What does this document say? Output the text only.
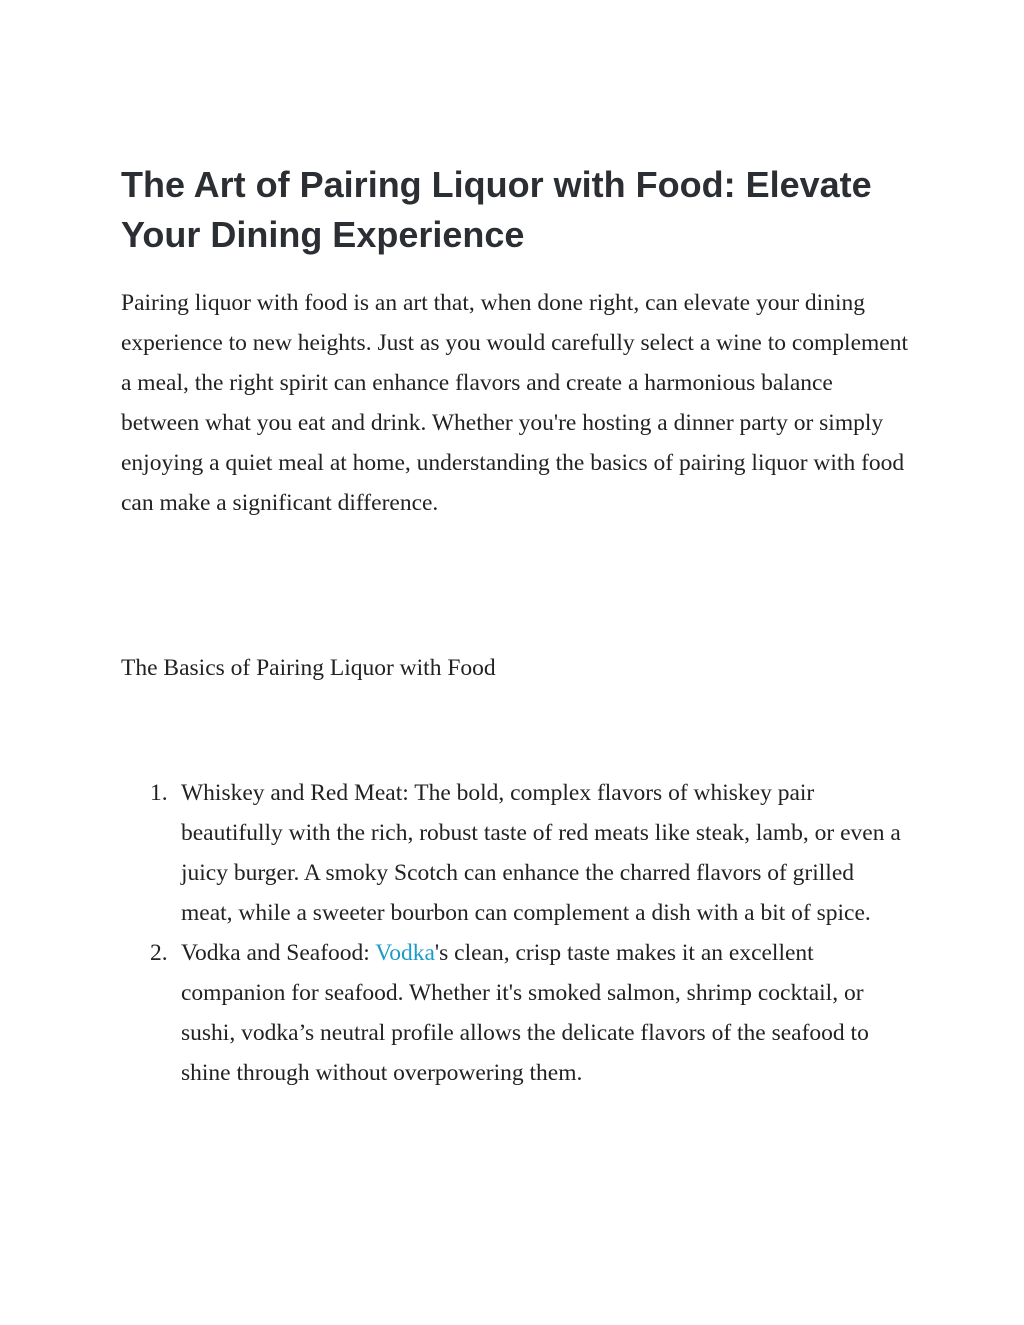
The Art of Pairing Liquor with Food: Elevate Your Dining Experience

Pairing liquor with food is an art that, when done right, can elevate your dining experience to new heights. Just as you would carefully select a wine to complement a meal, the right spirit can enhance flavors and create a harmonious balance between what you eat and drink. Whether you're hosting a dinner party or simply enjoying a quiet meal at home, understanding the basics of pairing liquor with food can make a significant difference.

The Basics of Pairing Liquor with Food
1. Whiskey and Red Meat: The bold, complex flavors of whiskey pair beautifully with the rich, robust taste of red meats like steak, lamb, or even a juicy burger. A smoky Scotch can enhance the charred flavors of grilled meat, while a sweeter bourbon can complement a dish with a bit of spice.
2. Vodka and Seafood: Vodka's clean, crisp taste makes it an excellent companion for seafood. Whether it's smoked salmon, shrimp cocktail, or sushi, vodka’s neutral profile allows the delicate flavors of the seafood to shine through without overpowering them.
